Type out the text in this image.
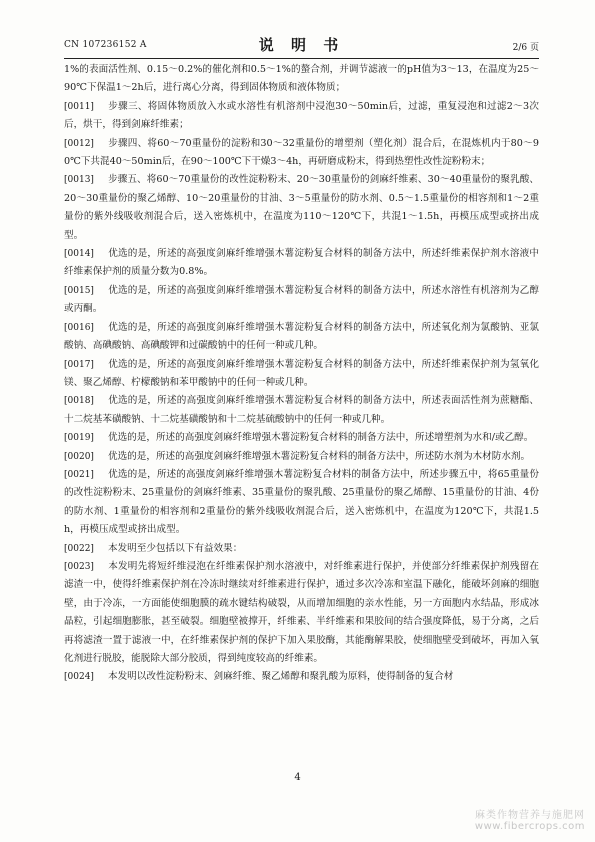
CN 107236152 A	说 明 书	2/6 页

1%的表面活性剂、0.15～0.2%的催化剂和0.5～1%的螯合剂，并调节滤液一的pH值为3～13，在温度为25～90℃下保温1～2h后，进行离心分离，得到固体物质和液体物质；

[0011] 步骤三、将固体物质放入水或水溶性有机溶剂中浸泡30～50min后，过滤，重复浸泡和过滤2～3次后，烘干，得到剑麻纤维素；

[0012] 步骤四、将60～70重量份的淀粉和30～32重量份的增塑剂（塑化剂）混合后，在混炼机内于80～90℃下共混40～50min后，在90～100℃下干燥3～4h，再研磨成粉末，得到热塑性改性淀粉粉末；

[0013] 步骤五、将60～70重量份的改性淀粉粉末、20～30重量份的剑麻纤维素、30～40重量份的聚乳酸、20～30重量份的聚乙烯醇、10～20重量份的甘油、3～5重量份的防水剂、0.5～1.5重量份的相容剂和1～2重量份的紫外线吸收剂混合后，送入密炼机中，在温度为110～120℃下，共混1～1.5h，再模压成型或挤出成型。

[0014] 优选的是，所述的高强度剑麻纤维增强木薯淀粉复合材料的制备方法中，所述纤维素保护剂水溶液中纤维素保护剂的质量分数为0.8%。

[0015] 优选的是，所述的高强度剑麻纤维增强木薯淀粉复合材料的制备方法中，所述水溶性有机溶剂为乙醇或丙酮。

[0016] 优选的是，所述的高强度剑麻纤维增强木薯淀粉复合材料的制备方法中，所述氧化剂为氯酸钠、亚氯酸钠、高碘酸钠、高碘酸钾和过碳酸钠中的任何一种或几种。

[0017] 优选的是，所述的高强度剑麻纤维增强木薯淀粉复合材料的制备方法中，所述纤维素保护剂为氢氧化镁、聚乙烯醇、柠檬酸钠和苯甲酸钠中的任何一种或几种。

[0018] 优选的是，所述的高强度剑麻纤维增强木薯淀粉复合材料的制备方法中，所述表面活性剂为蔗糖酯、十二烷基苯磺酸钠、十二烷基磺酸钠和十二烷基硫酸钠中的任何一种或几种。

[0019] 优选的是，所述的高强度剑麻纤维增强木薯淀粉复合材料的制备方法中，所述增塑剂为水和/或乙醇。

[0020] 优选的是，所述的高强度剑麻纤维增强木薯淀粉复合材料的制备方法中，所述防水剂为木材防水剂。

[0021] 优选的是，所述的高强度剑麻纤维增强木薯淀粉复合材料的制备方法中，所述步骤五中，将65重量份的改性淀粉粉末、25重量份的剑麻纤维素、35重量份的聚乳酸、25重量份的聚乙烯醇、15重量份的甘油、4份的防水剂、1重量份的相容剂和2重量份的紫外线吸收剂混合后，送入密炼机中，在温度为120℃下，共混1.5h，再模压成型或挤出成型。

[0022] 本发明至少包括以下有益效果：

[0023] 本发明先将短纤维浸泡在纤维素保护剂水溶液中，对纤维素进行保护，并使部分纤维素保护剂残留在滤渣一中，使得纤维素保护剂在冷冻时继续对纤维素进行保护，通过多次冷冻和室温下融化，能破坏剑麻的细胞壁，由于冷冻，一方面能使细胞膜的疏水键结构破裂，从而增加细胞的亲水性能，另一方面胞内水结晶，形成冰晶粒，引起细胞膨胀，甚至破裂。细胞壁被撑开，纤维素、半纤维素和果胶间的结合强度降低，易于分离，之后再将滤渣一置于滤液一中，在纤维素保护剂的保护下加入果胶酶，其能酶解果胶，使细胞壁受到破坏，再加入氧化剂进行脱胶，能脱除大部分胶质，得到纯度较高的纤维素。

[0024] 本发明以改性淀粉粉末、剑麻纤维、聚乙烯醇和聚乳酸为原料，使得制备的复合材

4
麻类作物营养与施肥网
www.fibercrops.com
